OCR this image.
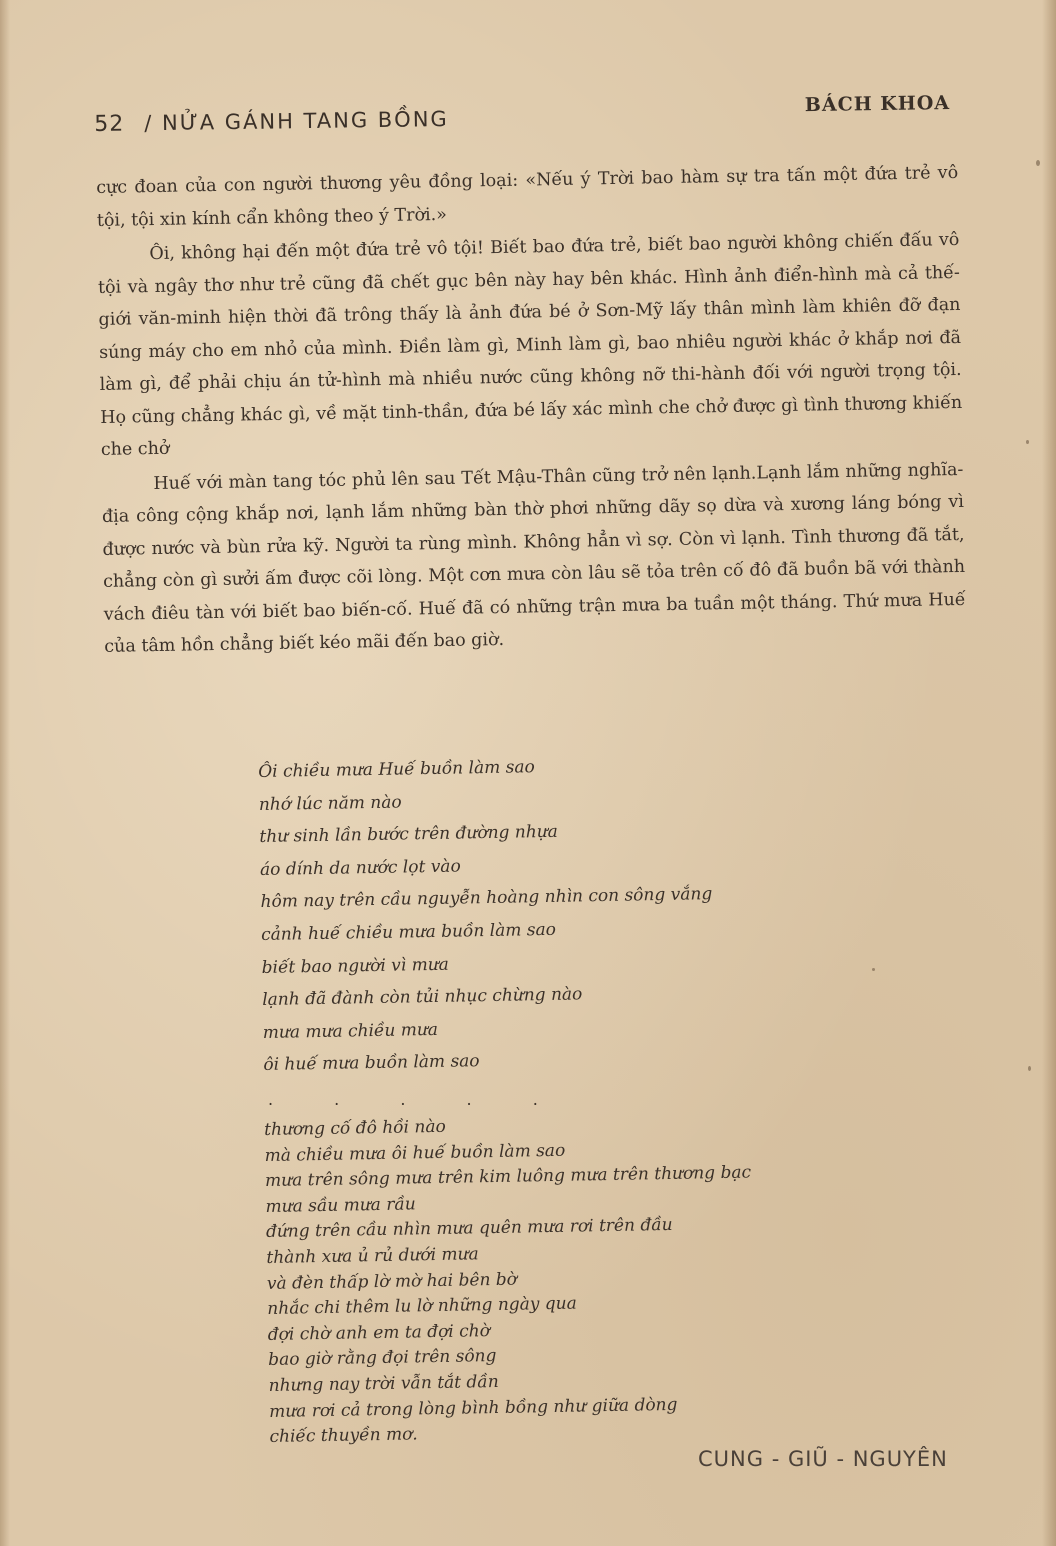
52 / NỬA GÁNH TANG BỒNG
BÁCH KHOA

cực đoan của con người thương yêu đồng loại: «Nếu ý Trời bao hàm sự tra tấn một đứa trẻ vô tội, tội xin kính cẩn không theo ý Trời.»

Ôi, không hại đến một đứa trẻ vô tội! Biết bao đứa trẻ, biết bao người không chiến đấu vô tội và ngây thơ như trẻ cũng đã chết gục bên này hay bên khác. Hình ảnh điển-hình mà cả thế-giới văn-minh hiện thời đã trông thấy là ảnh đứa bé ở Sơn-Mỹ lấy thân mình làm khiên đỡ đạn súng máy cho em nhỏ của mình. Điền làm gì, Minh làm gì, bao nhiêu người khác ở khắp nơi đã làm gì, để phải chịu án tử-hình mà nhiều nước cũng không nỡ thi-hành đối với người trọng tội. Họ cũng chẳng khác gì, về mặt tinh-thần, đứa bé lấy xác mình che chở được gì tình thương khiến che chở

Huế với màn tang tóc phủ lên sau Tết Mậu-Thân cũng trở nên lạnh.Lạnh lắm những nghĩa-địa công cộng khắp nơi, lạnh lắm những bàn thờ phơi những dãy sọ dừa và xương láng bóng vì được nước và bùn rửa kỹ. Người ta rùng mình. Không hẳn vì sợ. Còn vì lạnh. Tình thương đã tắt, chẳng còn gì sưởi ấm được cõi lòng. Một cơn mưa còn lâu sẽ tỏa trên cố đô đã buồn bã với thành vách điêu tàn với biết bao biến-cố. Huế đã có những trận mưa ba tuần một tháng. Thứ mưa Huế của tâm hồn chẳng biết kéo mãi đến bao giờ.

Ôi chiều mưa Huế buồn làm sao
nhớ lúc năm nào
thư sinh lần bước trên đường nhựa
áo dính da nước lọt vào
hôm nay trên cầu nguyễn hoàng nhìn con sông vắng
cảnh huế chiều mưa buồn làm sao
biết bao người vì mưa
lạnh đã đành còn tủi nhục chừng nào
mưa mưa chiều mưa
ôi huế mưa buồn làm sao
. . . . .
thương cố đô hồi nào
mà chiều mưa ôi huế buồn làm sao
mưa trên sông mưa trên kim luông mưa trên thương bạc
mưa sầu mưa rầu
đứng trên cầu nhìn mưa quên mưa rơi trên đầu
thành xưa ủ rủ dưới mưa
và đèn thấp lờ mờ hai bên bờ
nhắc chi thêm lu lờ những ngày qua
đợi chờ anh em ta đợi chờ
bao giờ rằng đọi trên sông
nhưng nay trời vẫn tắt dần
mưa rơi cả trong lòng bình bồng như giữa dòng
chiếc thuyền mơ.
CUNG - GIŨ - NGUYÊN
